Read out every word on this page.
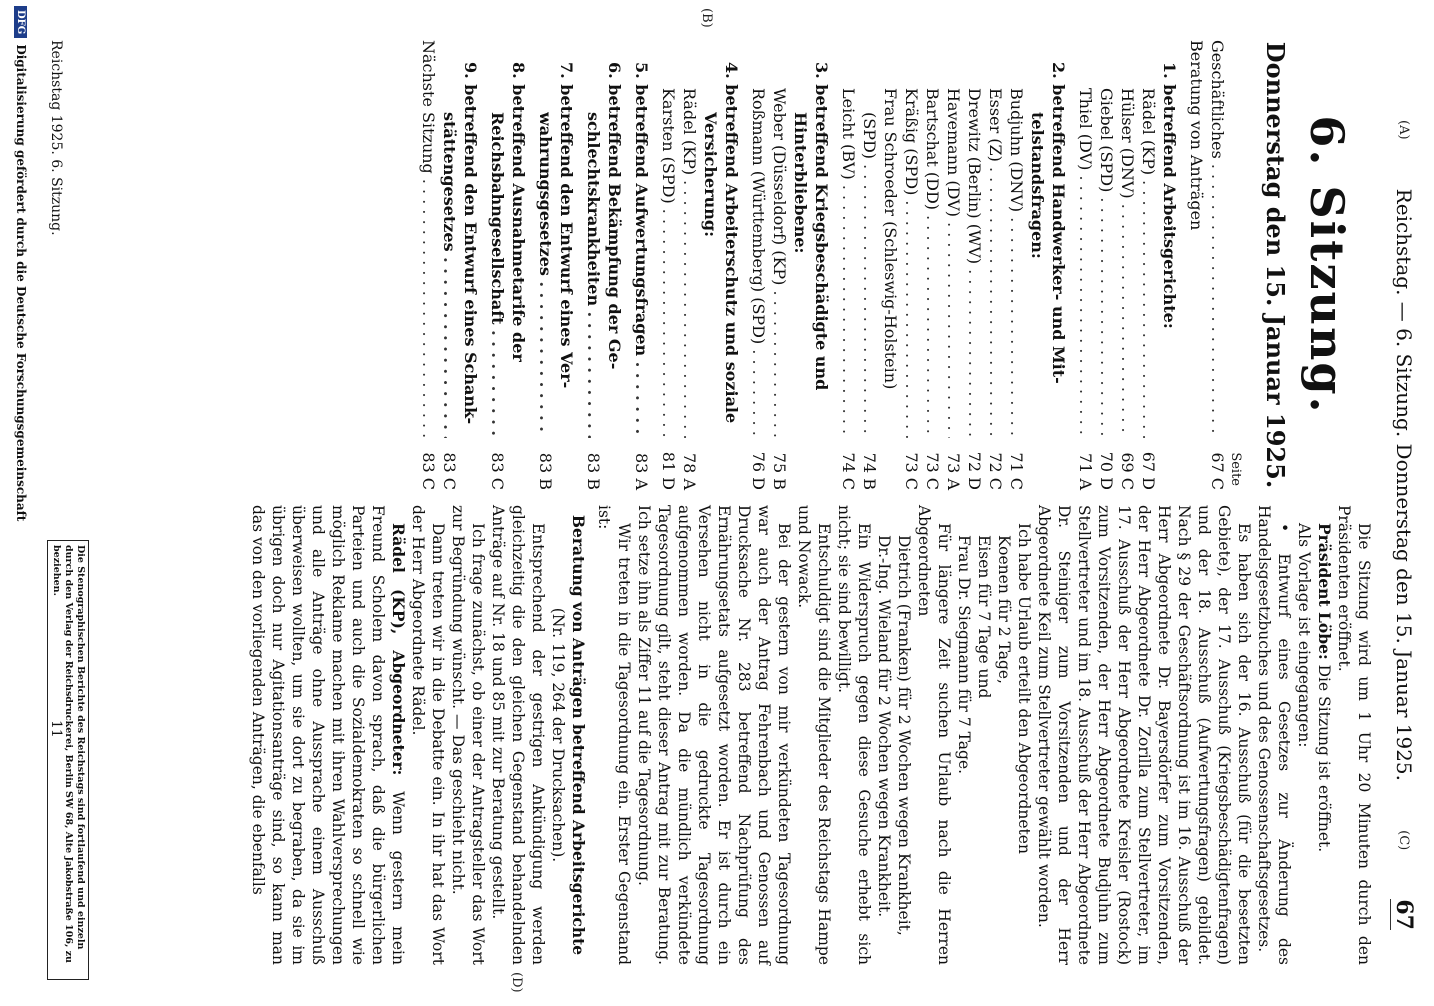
(A)
Reichstag. — 6. Sitzung. Donnerstag den 15. Januar 1925.
(C)
67
(B)
(D)
6. Sitzung.
Donnerstag den 15. Januar 1925.
Seite
Geschäftliches . . .
67 C
Beratung von Anträgen
1. betreffend Arbeitsgerichte:
Rädel (KP) . . .
67 D
Hülser (DNV) . . .
69 C
Giebel (SPD) . . .
70 D
Thiel (DV) . . .
71 A
2. betreffend Handwerker- und Mit-
telstandsfragen:
Budjuhn (DNV) . . .
71 C
Esser (Z) . . .
72 C
Drewitz (Berlin) (WV) . . .
72 D
Havemann (DV) . . .
73 A
Bartschat (DD) . . .
73 C
Kräßig (SPD) . . .
73 C
Frau Schroeder (Schleswig-Holstein)
(SPD) . . .
74 B
Leicht (BV) . . .
74 C
3. betreffend Kriegsbeschädigte und
Hinterbliebene:
Weber (Düsseldorf) (KP) . . .
75 B
Roßmann (Württemberg) (SPD) . . .
76 D
4. betreffend Arbeiterschutz und soziale
Versicherung:
Rädel (KP) . . .
78 A
Karsten (SPD) . . .
81 D
5. betreffend Aufwertungsfragen . . .
83 A
6. betreffend Bekämpfung der Ge-
schlechtskrankheiten . . .
83 B
7. betreffend den Entwurf eines Ver-
wahrungsgesetzes . . .
83 B
8. betreffend Ausnahmetarife der
Reichsbahngesellschaft . . .
83 C
9. betreffend den Entwurf eines Schank-
stättengesetzes . . .
83 C
Nächste Sitzung . . .
83 C

Die Sitzung wird um 1 Uhr 20 Minuten durch den Präsidenten eröffnet.

Präsident Löbe: Die Sitzung ist eröffnet.

Als Vorlage ist eingegangen:

• Entwurf eines Gesetzes zur Änderung des Handelsgesetzbuches und des Genossenschaftsgesetzes.

Es haben sich der 16. Ausschuß (für die besetzten Gebiete), der 17. Ausschuß (Kriegsbeschädigtenfragen) und der 18. Ausschuß (Aufwertungsfragen) gebildet. Nach § 29 der Geschäftsordnung ist im 16. Ausschuß der Herr Abgeordnete Dr. Bayersdörfer zum Vorsitzenden, der Herr Abgeordnete Dr. Zorilla zum Stellvertreter, im 17. Ausschuß der Herr Abgeordnete Kreisler (Rostock) zum Vorsitzenden, der Herr Abgeordnete Budjuhn zum Stellvertreter und im 18. Ausschuß der Herr Abgeordnete Dr. Steiniger zum Vorsitzenden und der Herr Abgeordnete Keil zum Stellvertreter gewählt worden.

Ich habe Urlaub erteilt den Abgeordneten

Koenen für 2 Tage,
Eisen für 7 Tage und
Frau Dr. Siegmann für 7 Tage.

Für längere Zeit suchen Urlaub nach die Herren Abgeordneten

Dietrich (Franken) für 2 Wochen wegen Krankheit,
Dr.-Ing. Wieland für 2 Wochen wegen Krankheit.

Ein Widerspruch gegen diese Gesuche erhebt sich nicht; sie sind bewilligt.

Entschuldigt sind die Mitglieder des Reichstags Hampe und Nowack.

Bei der gestern von mir verkündeten Tagesordnung war auch der Antrag Fehrenbach und Genossen auf Drucksache Nr. 283 betreffend Nachprüfung des Ernährungsetats aufgesetzt worden. Er ist durch ein Versehen nicht in die gedruckte Tagesordnung aufgenommen worden. Da die mündlich verkündete Tagesordnung gilt, steht dieser Antrag mit zur Beratung. Ich setze ihn als Ziffer 11 auf die Tagesordnung.

Wir treten in die Tagesordnung ein. Erster Gegenstand ist:

Beratung von Anträgen betreffend Arbeitsgerichte

(Nr. 119, 264 der Drucksachen).

Entsprechend der gestrigen Ankündigung werden gleichzeitig die den gleichen Gegenstand behandelnden Anträge auf Nr. 18 und 85 mit zur Beratung gestellt.

Ich frage zunächst, ob einer der Antragsteller das Wort zur Begründung wünscht. — Das geschieht nicht.

Dann treten wir in die Debatte ein. In ihr hat das Wort der Herr Abgeordnete Rädel.

Rädel (KP), Abgeordneter: Wenn gestern mein Freund Scholem davon sprach, daß die bürgerlichen Parteien und auch die Sozialdemokraten so schnell wie möglich Reklame machen mit ihren Wahlversprechungen und alle Anträge ohne Aussprache einem Ausschuß überweisen wollten, um sie dort zu begraben, da sie im übrigen doch nur Agitationsanträge sind, so kann man das von den vorliegenden Anträgen, die ebenfalls

Die Stenographischen Berichte des Reichstags sind fortlaufend und einzeln durch den Verlag der Reichsdruckerei, Berlin SW 68, Alte Jakobstraße 106, zu beziehen.
Reichstag 1925. 6. Sitzung.
11
DFG
Digitalisierung gefördert durch die Deutsche Forschungsgemeinschaft
